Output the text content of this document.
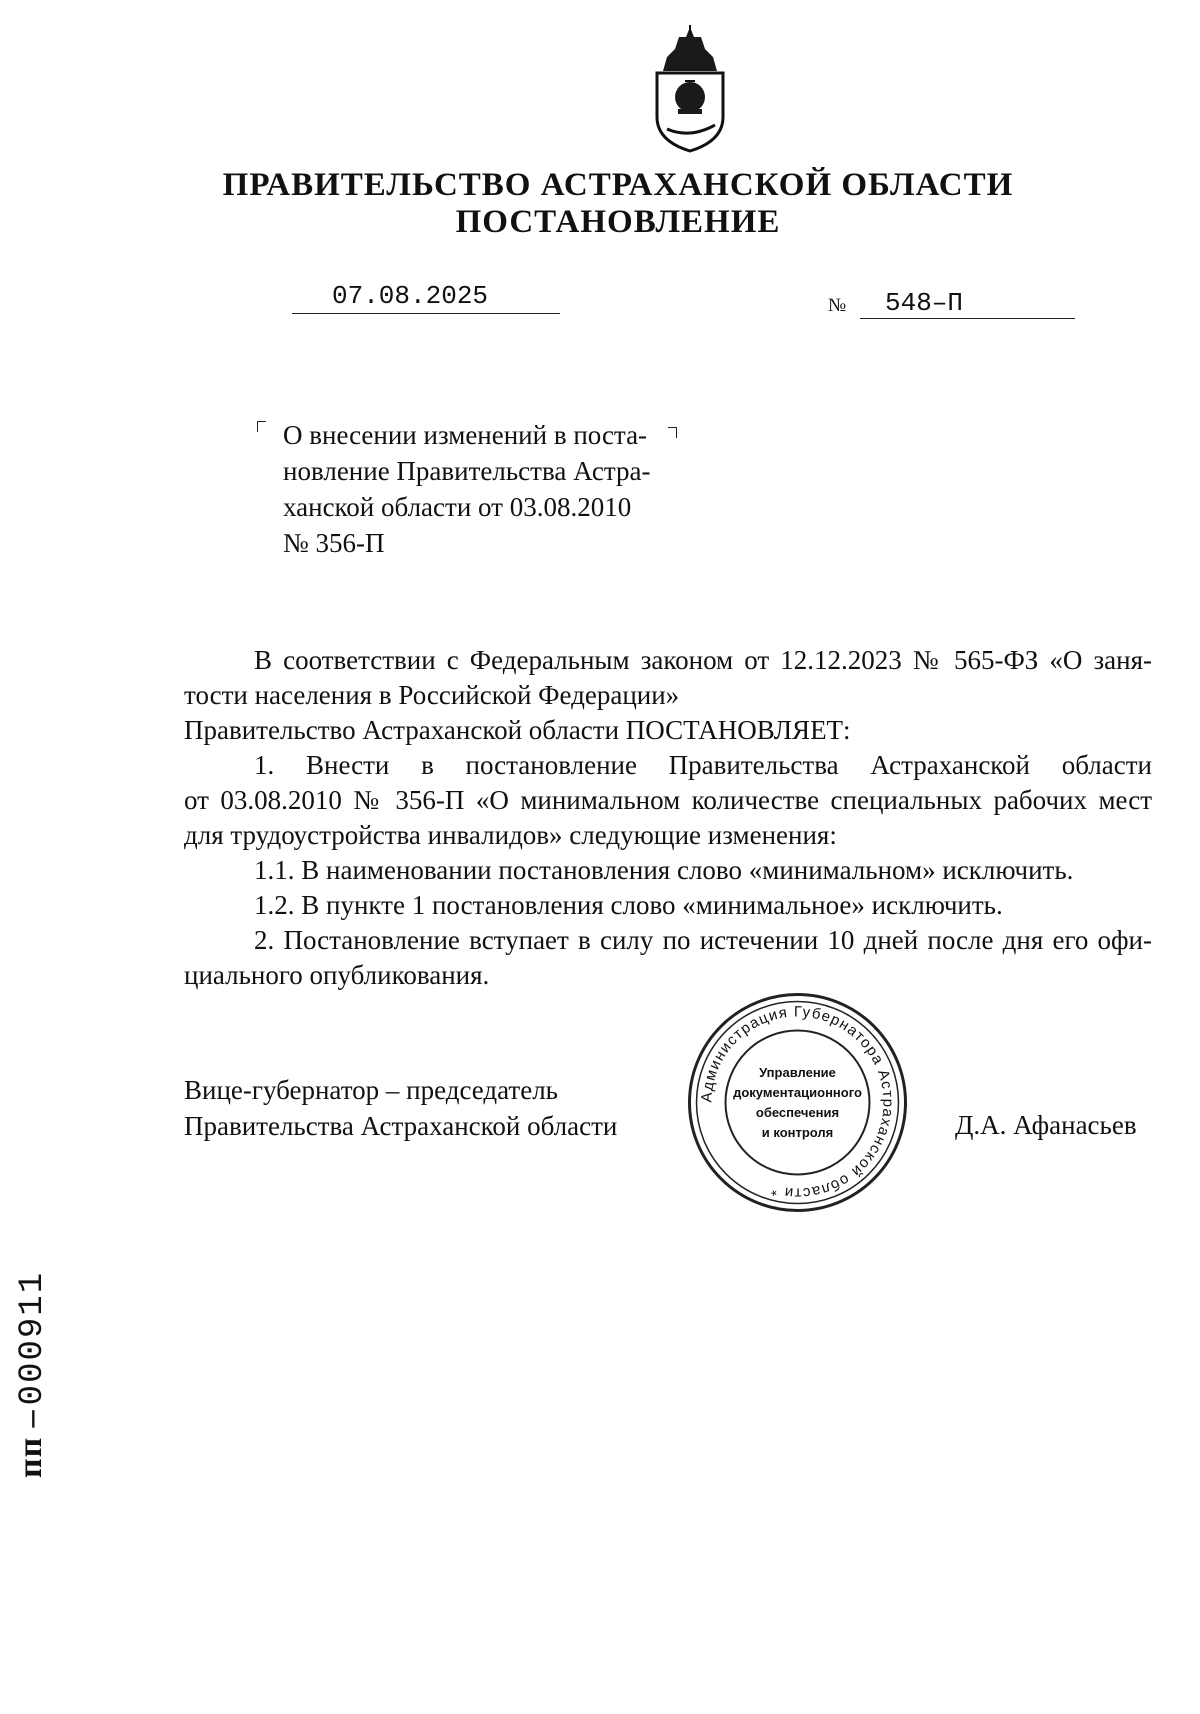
ПРАВИТЕЛЬСТВО АСТРАХАНСКОЙ ОБЛАСТИ
ПОСТАНОВЛЕНИЕ
07.08.2025	№ 548–П
О внесении изменений в поста-
новление Правительства Астра-
ханской области от 03.08.2010
№ 356-П
В соответствии с Федеральным законом от 12.12.2023 № 565-ФЗ «О заня-
тости населения в Российской Федерации»
Правительство Астраханской области ПОСТАНОВЛЯЕТ:
1. Внести в постановление Правительства Астраханской области
от 03.08.2010 № 356-П «О минимальном количестве специальных рабочих мест
для трудоустройства инвалидов» следующие изменения:
1.1. В наименовании постановления слово «минимальном» исключить.
1.2. В пункте 1 постановления слово «минимальное» исключить.
2. Постановление вступает в силу по истечении 10 дней после дня его офи-
циального опубликования.
Вице-губернатор – председатель
Правительства Астраханской области	Д.А. Афанасьев
Администрация Губернатора Астраханской области *
Управление
документационного
обеспечения
и контроля
пп – 000911
